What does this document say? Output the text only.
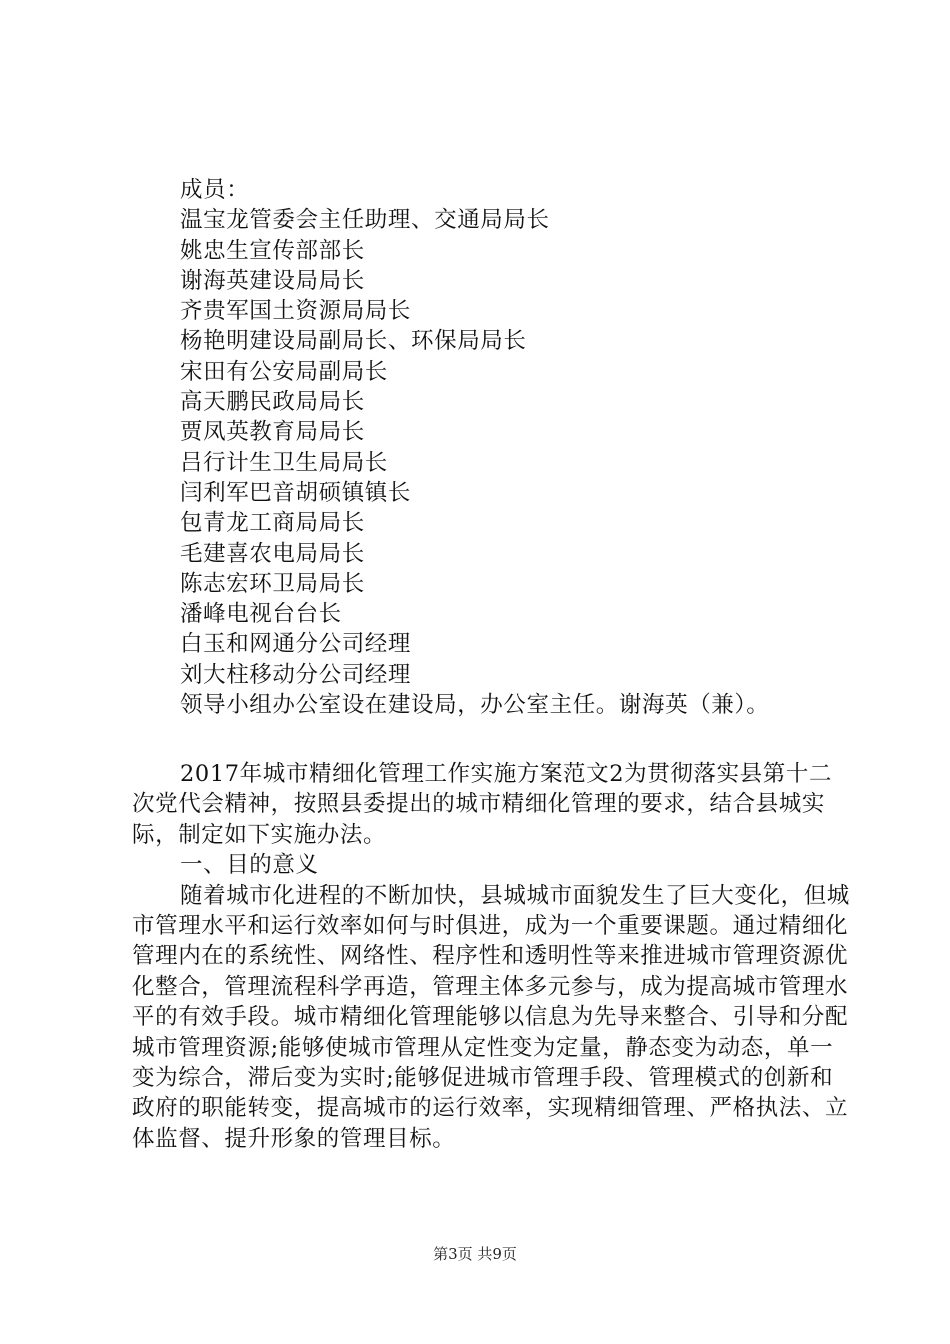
成员：
温宝龙管委会主任助理、交通局局长
姚忠生宣传部部长
谢海英建设局局长
齐贵军国土资源局局长
杨艳明建设局副局长、环保局局长
宋田有公安局副局长
高天鹏民政局局长
贾凤英教育局局长
吕行计生卫生局局长
闫利军巴音胡硕镇镇长
包青龙工商局局长
毛建喜农电局局长
陈志宏环卫局局长
潘峰电视台台长
白玉和网通分公司经理
刘大柱移动分公司经理
领导小组办公室设在建设局，办公室主任。谢海英（兼）。

2017年城市精细化管理工作实施方案范文2为贯彻落实县第十二次党代会精神，按照县委提出的城市精细化管理的要求，结合县城实际，制定如下实施办法。

一、目的意义

随着城市化进程的不断加快，县城城市面貌发生了巨大变化，但城市管理水平和运行效率如何与时俱进，成为一个重要课题。通过精细化管理内在的系统性、网络性、程序性和透明性等来推进城市管理资源优化整合，管理流程科学再造，管理主体多元参与，成为提高城市管理水平的有效手段。城市精细化管理能够以信息为先导来整合、引导和分配城市管理资源;能够使城市管理从定性变为定量，静态变为动态，单一变为综合，滞后变为实时;能够促进城市管理手段、管理模式的创新和政府的职能转变，提高城市的运行效率，实现精细管理、严格执法、立体监督、提升形象的管理目标。

第3页 共9页
